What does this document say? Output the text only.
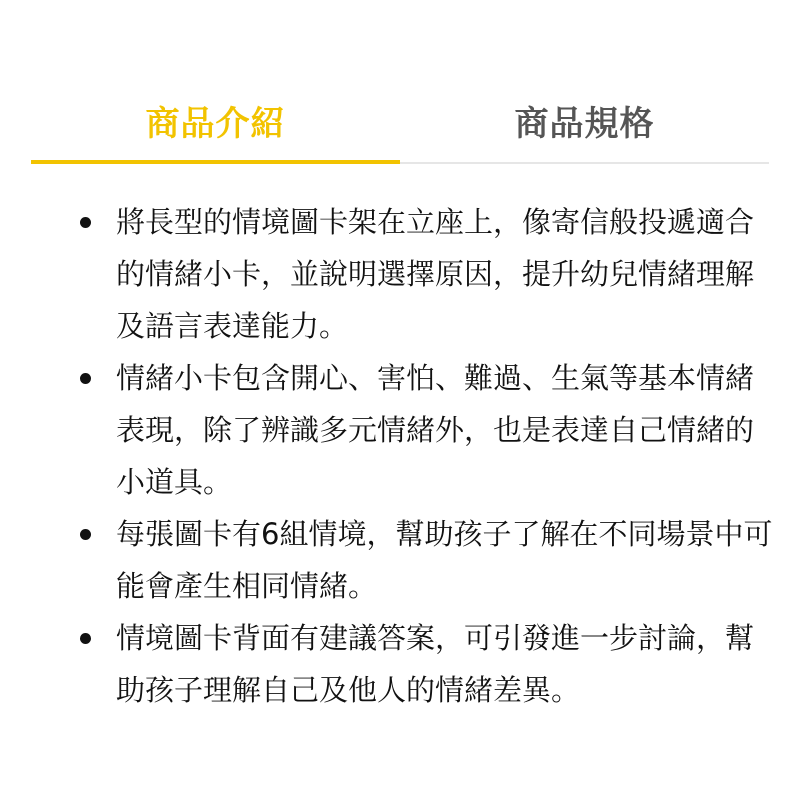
商品介紹	商品規格
將長型的情境圖卡架在立座上，像寄信般投遞適合的情緒小卡，並說明選擇原因，提升幼兒情緒理解及語言表達能力。
情緒小卡包含開心、害怕、難過、生氣等基本情緒表現，除了辨識多元情緒外，也是表達自己情緒的小道具。
每張圖卡有6組情境，幫助孩子了解在不同場景中可能會產生相同情緒。
情境圖卡背面有建議答案，可引發進一步討論，幫助孩子理解自己及他人的情緒差異。
